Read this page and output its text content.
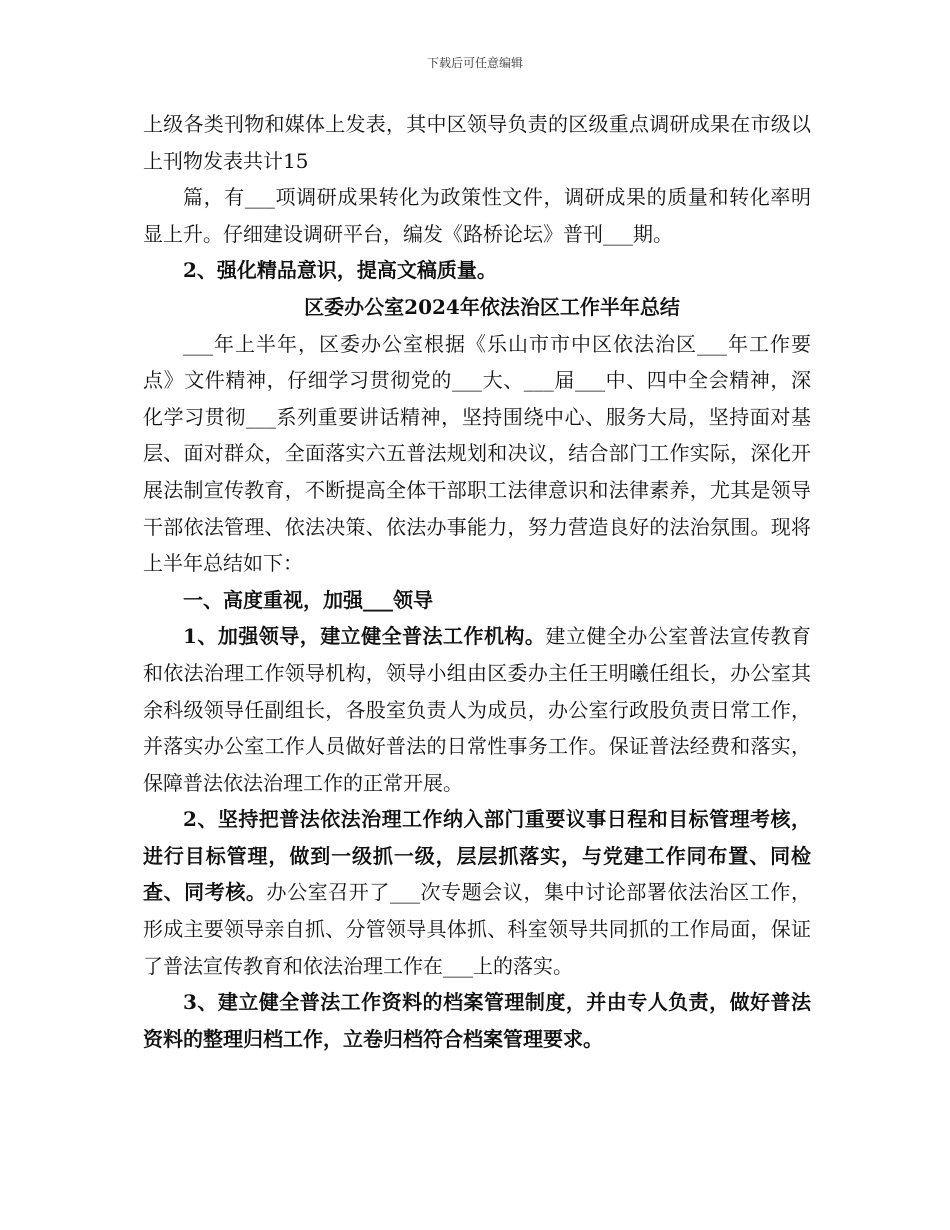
下载后可任意编辑

上级各类刊物和媒体上发表，其中区领导负责的区级重点调研成果在市级以上刊物发表共计15

篇，有___项调研成果转化为政策性文件，调研成果的质量和转化率明显上升。仔细建设调研平台，编发《路桥论坛》普刊___期。

2、强化精品意识，提高文稿质量。

区委办公室2024年依法治区工作半年总结

___年上半年，区委办公室根据《乐山市市中区依法治区___年工作要点》文件精神，仔细学习贯彻党的___大、___届___中、四中全会精神，深化学习贯彻___系列重要讲话精神，坚持围绕中心、服务大局，坚持面对基层、面对群众，全面落实六五普法规划和决议，结合部门工作实际，深化开展法制宣传教育，不断提高全体干部职工法律意识和法律素养，尤其是领导干部依法管理、依法决策、依法办事能力，努力营造良好的法治氛围。现将上半年总结如下：

一、高度重视，加强___领导

1、加强领导，建立健全普法工作机构。建立健全办公室普法宣传教育和依法治理工作领导机构，领导小组由区委办主任王明曦任组长，办公室其余科级领导任副组长，各股室负责人为成员，办公室行政股负责日常工作，并落实办公室工作人员做好普法的日常性事务工作。保证普法经费和落实，保障普法依法治理工作的正常开展。

2、坚持把普法依法治理工作纳入部门重要议事日程和目标管理考核，进行目标管理，做到一级抓一级，层层抓落实，与党建工作同布置、同检查、同考核。办公室召开了___次专题会议，集中讨论部署依法治区工作，形成主要领导亲自抓、分管领导具体抓、科室领导共同抓的工作局面，保证了普法宣传教育和依法治理工作在___上的落实。

3、建立健全普法工作资料的档案管理制度，并由专人负责，做好普法资料的整理归档工作，立卷归档符合档案管理要求。
